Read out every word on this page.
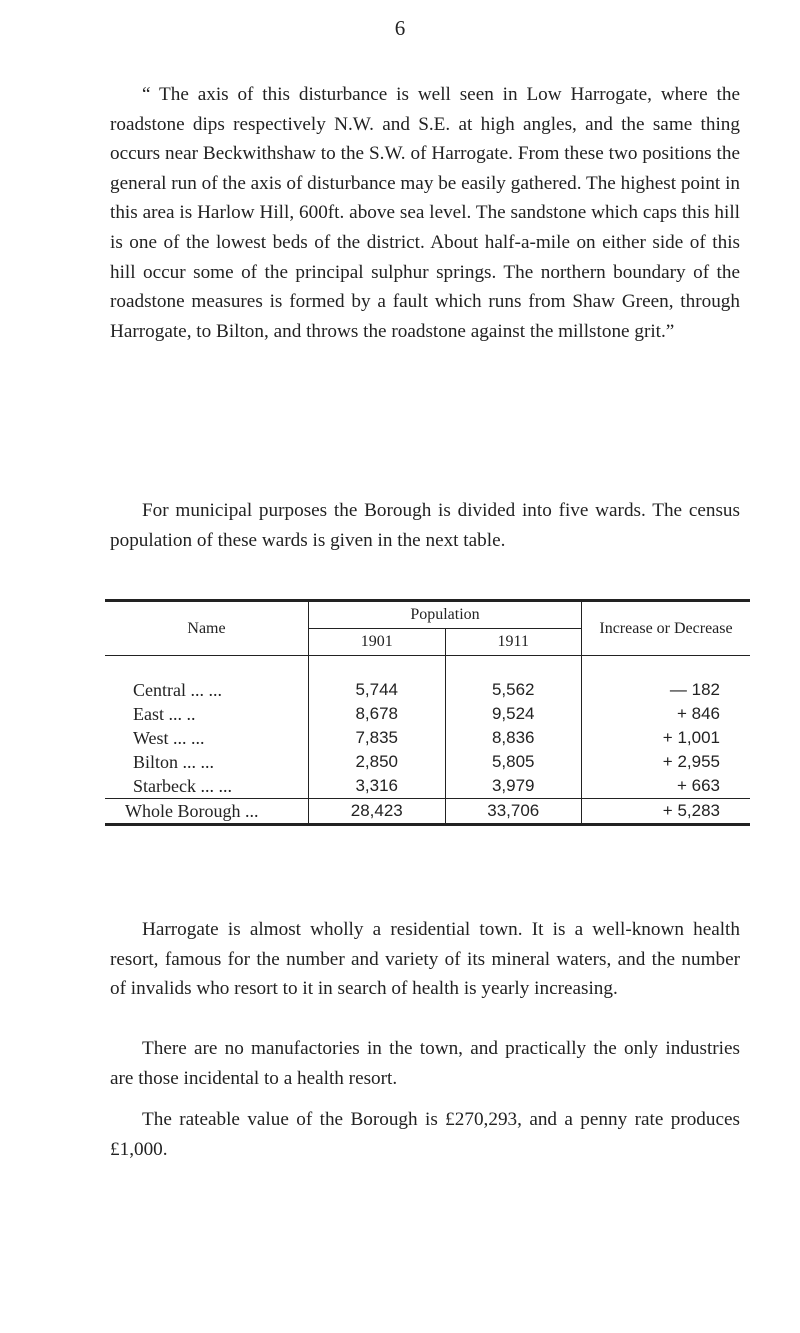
6

“ The axis of this disturbance is well seen in Low Harrogate, where the roadstone dips respectively N.W. and S.E. at high angles, and the same thing occurs near Beckwithshaw to the S.W. of Harrogate. From these two positions the general run of the axis of disturbance may be easily gathered. The highest point in this area is Harlow Hill, 600ft. above sea level. The sandstone which caps this hill is one of the lowest beds of the district. About half-a-mile on either side of this hill occur some of the principal sulphur springs. The northern boundary of the roadstone measures is formed by a fault which runs from Shaw Green, through Harrogate, to Bilton, and throws the roadstone against the millstone grit.”

For municipal purposes the Borough is divided into five wards. The census population of these wards is given in the next table.

Name	Population		Increase or Decrease
	1901	1911	

Central ... ...	5,744	5,562	— 182
East ... ..	8,678	9,524	+ 846
West ... ...	7,835	8,836	+ 1,001
Bilton ... ...	2,850	5,805	+ 2,955
Starbeck ... ...	3,316	3,979	+ 663
Whole Borough ...	28,423	33,706	+ 5,283

Harrogate is almost wholly a residential town. It is a well-known health resort, famous for the number and variety of its mineral waters, and the number of invalids who resort to it in search of health is yearly increasing.

There are no manufactories in the town, and practically the only industries are those incidental to a health resort.

The rateable value of the Borough is £270,293, and a penny rate produces £1,000.
